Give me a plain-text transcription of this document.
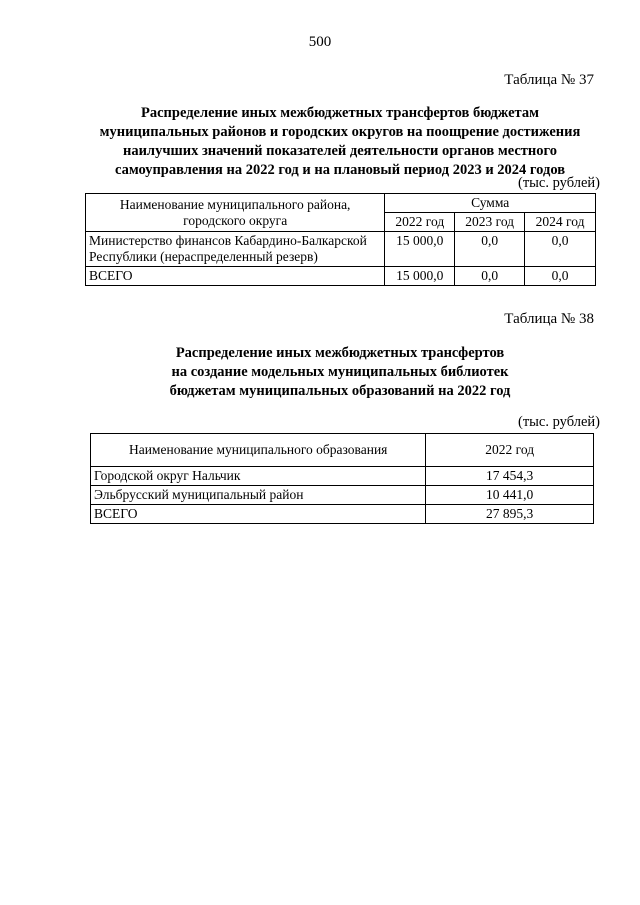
500
Таблица № 37
Распределение иных межбюджетных трансфертов бюджетам
муниципальных районов и городских округов на поощрение достижения
наилучших значений показателей деятельности органов местного
самоуправления на 2022 год и на плановый период 2023 и 2024 годов
(тыс. рублей)
Наименование муниципального района, городского округа	Сумма		
	2022 год	2023 год	2024 год
Министерство финансов Кабардино-Балкарской Республики (нераспределенный резерв)	15 000,0	0,0	0,0
ВСЕГО	15 000,0	0,0	0,0
Таблица № 38
Распределение иных межбюджетных трансфертов
на создание модельных муниципальных библиотек
бюджетам муниципальных образований на 2022 год
(тыс. рублей)
Наименование муниципального образования	2022 год
Городской округ Нальчик	17 454,3
Эльбрусский муниципальный район	10 441,0
ВСЕГО	27 895,3
